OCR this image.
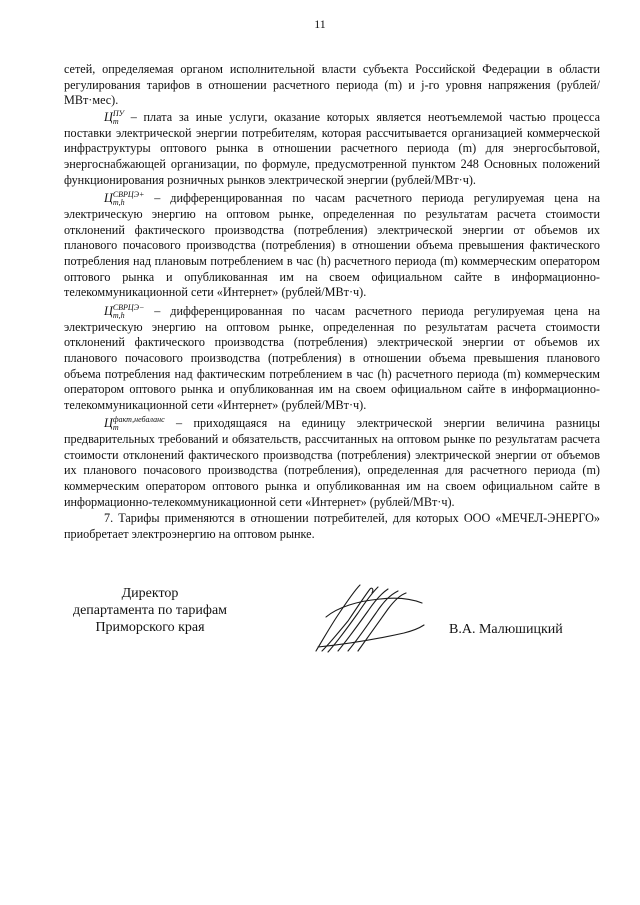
11

сетей, определяемая органом исполнительной власти субъекта Российской Федерации в области регулирования тарифов в отношении расчетного периода (m) и j-го уровня напряжения (рублей/МВт·мес).

Ц ПУ
m – плата за иные услуги, оказание которых является неотъемлемой частью процесса поставки электрической энергии потребителям, которая рассчитывается организацией коммерческой инфраструктуры оптового рынка в отношении расчетного периода (m) для энергосбытовой, энергоснабжающей организации, по формуле, предусмотренной пунктом 248 Основных положений функционирования розничных рынков электрической энергии (рублей/МВт·ч).

Ц СВРЦЭ+
m,h	– дифференцированная по часам расчетного периода регулируемая цена на электрическую энергию на оптовом рынке, определенная по результатам расчета стоимости отклонений фактического производства (потребления) электрической энергии от объемов их планового почасового производства (потребления) в отношении объема превышения фактического потребления над плановым потреблением в час (h) расчетного периода (m) коммерческим оператором оптового рынка и опубликованная им на своем официальном сайте в информационно-телекоммуникационной сети «Интернет» (рублей/МВт·ч).

Ц СВРЦЭ−
m,h	– дифференцированная по часам расчетного периода регулируемая цена на электрическую энергию на оптовом рынке, определенная по результатам расчета стоимости отклонений фактического производства (потребления) электрической энергии от объемов их планового почасового производства (потребления) в отношении объема превышения планового объема потребления над фактическим потреблением в час (h) расчетного периода (m) коммерческим оператором оптового рынка и опубликованная им на своем официальном сайте в информационно-телекоммуникационной сети «Интернет» (рублей/МВт·ч).

Ц факт,небаланс
m	– приходящаяся на единицу электрической энергии величина разницы предварительных требований и обязательств, рассчитанных на оптовом рынке по результатам расчета стоимости отклонений фактического производства (потребления) электрической энергии от объемов их планового почасового производства (потребления), определенная для расчетного периода (m) коммерческим оператором оптового рынка и опубликованная им на своем официальном сайте в информационно-телекоммуникационной сети «Интернет» (рублей/МВт·ч).

7. Тарифы применяются в отношении потребителей, для которых ООО «МЕЧЕЛ-ЭНЕРГО» приобретает электроэнергию на оптовом рынке.

Директор
департамента по тарифам
Приморского края	В.А. Малюшицкий
